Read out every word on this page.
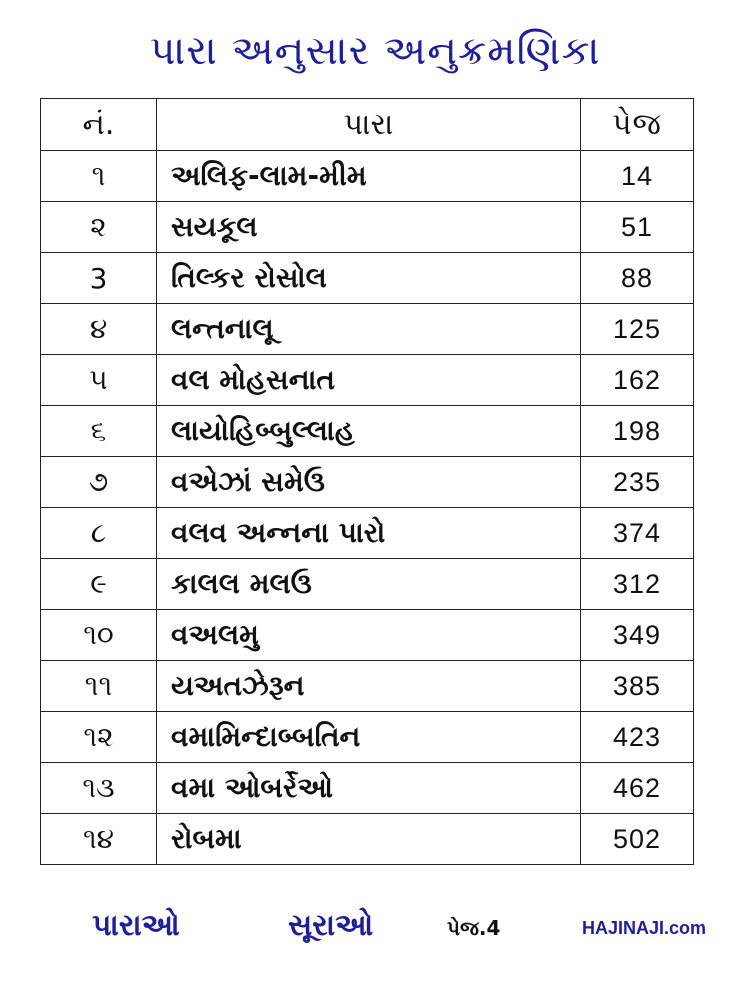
પારા અનુસાર અનુક્રમણિકા
નં.	પારા	પેજ
૧	અલિફ-લામ-મીમ	14
૨	સયકૂલ	51
3	તિલ્કર રોસોલ	88
૪	લન્તનાલૂ	125
૫	વલ મોહસનાત	162
૬	લાયોહિબ્બુલ્લાહ	198
૭	વએઝાં સમેઉ	235
૮	વલવ અન્નના પારો	374
૯	કાલલ મલઉ	312
૧૦	વઅલમુ	349
૧૧	યઅતઝેરૂન	385
૧૨	વમામિન્દાબ્બતિન	423
૧૩	વમા ઓબર્રેઓ	462
૧૪	રોબમા	502
પારાઓ	સૂરાઓ	પેજ.4	HAJINAJI.com
